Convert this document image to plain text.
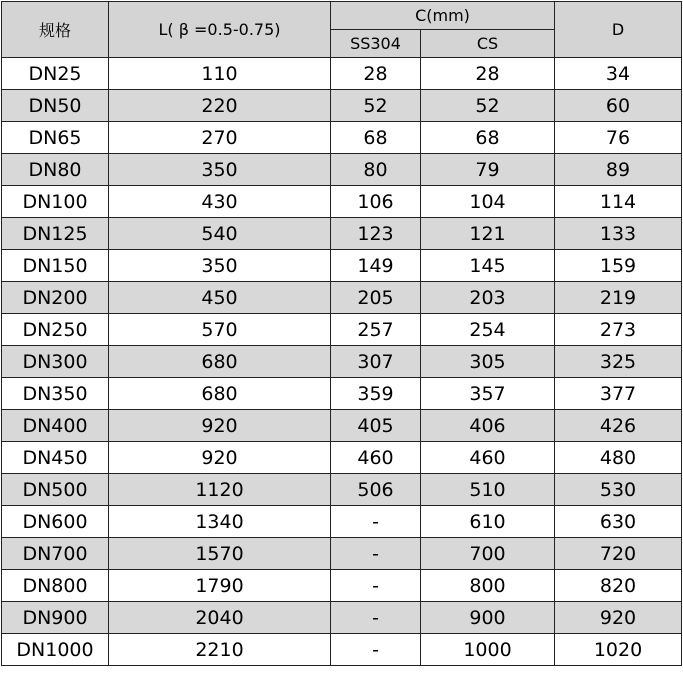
规格	L( β =0.5-0.75)	C(mm)		D
		SS304	CS	
DN25	110	28	28	34
DN50	220	52	52	60
DN65	270	68	68	76
DN80	350	80	79	89
DN100	430	106	104	114
DN125	540	123	121	133
DN150	350	149	145	159
DN200	450	205	203	219
DN250	570	257	254	273
DN300	680	307	305	325
DN350	680	359	357	377
DN400	920	405	406	426
DN450	920	460	460	480
DN500	1120	506	510	530
DN600	1340	-	610	630
DN700	1570	-	700	720
DN800	1790	-	800	820
DN900	2040	-	900	920
DN1000	2210	-	1000	1020
